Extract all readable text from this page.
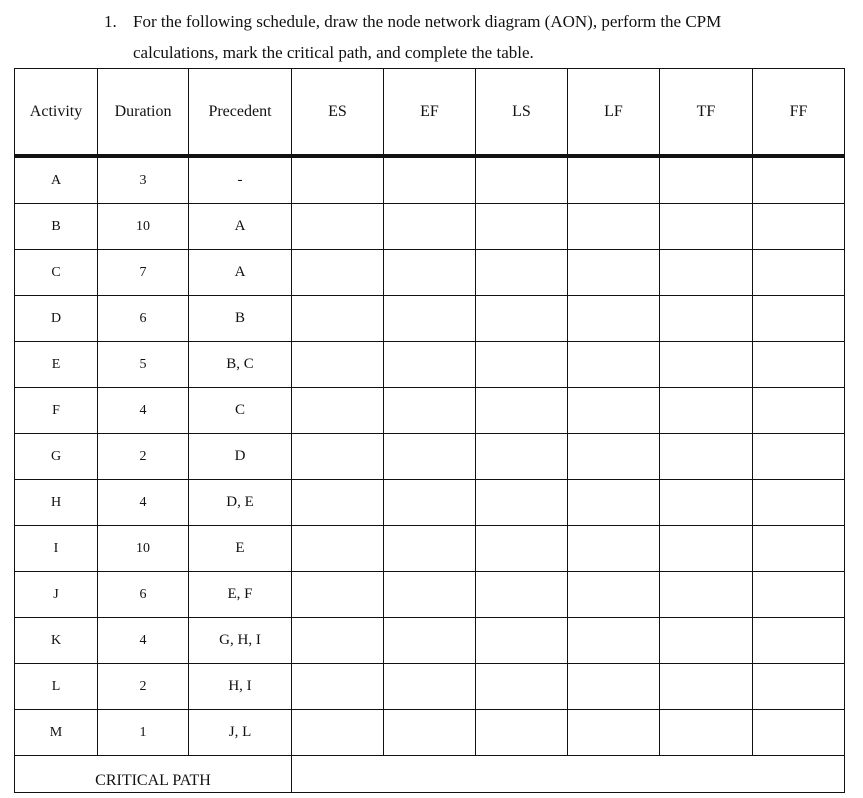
1. For the following schedule, draw the node network diagram (AON), perform the CPM
calculations, mark the critical path, and complete the table.
Activity	Duration	Precedent	ES	EF	LS	LF	TF	FF
A	3	-						
B	10	A						
C	7	A						
D	6	B						
E	5	B, C						
F	4	C						
G	2	D						
H	4	D, E						
I	10	E						
J	6	E, F						
K	4	G, H, I						
L	2	H, I						
M	1	J, L						
CRITICAL PATH								
